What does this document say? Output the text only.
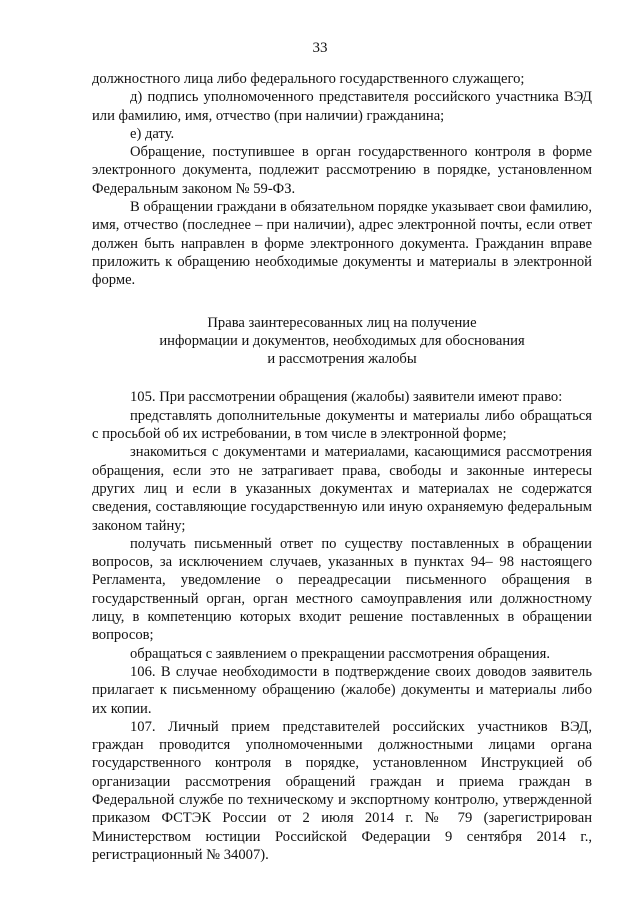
33

должностного лица либо федерального государственного служащего;

д) подпись уполномоченного представителя российского участника ВЭД или фамилию, имя, отчество (при наличии) гражданина;

е) дату.

Обращение, поступившее в орган государственного контроля в форме электронного документа, подлежит рассмотрению в порядке, установленном Федеральным законом № 59-ФЗ.

В обращении граждани в обязательном порядке указывает свои фамилию, имя, отчество (последнее – при наличии), адрес электронной почты, если ответ должен быть направлен в форме электронного документа. Гражданин вправе приложить к обращению необходимые документы и материалы в электронной форме.

Права заинтересованных лиц на получение
информации и документов, необходимых для обоснования
и рассмотрения жалобы

105. При рассмотрении обращения (жалобы) заявители имеют право:

представлять дополнительные документы и материалы либо обращаться с просьбой об их истребовании, в том числе в электронной форме;

знакомиться с документами и материалами, касающимися рассмотрения обращения, если это не затрагивает права, свободы и законные интересы других лиц и если в указанных документах и материалах не содержатся сведения, составляющие государственную или иную охраняемую федеральным законом тайну;

получать письменный ответ по существу поставленных в обращении вопросов, за исключением случаев, указанных в пунктах 94– 98 настоящего Регламента, уведомление о переадресации письменного обращения в государственный орган, орган местного самоуправления или должностному лицу, в компетенцию которых входит решение поставленных в обращении вопросов;

обращаться с заявлением о прекращении рассмотрения обращения.

106. В случае необходимости в подтверждение своих доводов заявитель прилагает к письменному обращению (жалобе) документы и материалы либо их копии.

107. Личный прием представителей российских участников ВЭД, граждан проводится уполномоченными должностными лицами органа государственного контроля в порядке, установленном Инструкцией об организации рассмотрения обращений граждан и приема граждан в Федеральной службе по техническому и экспортному контролю, утвержденной приказом ФСТЭК России от 2 июля 2014 г. № 79 (зарегистрирован Министерством юстиции Российской Федерации 9 сентября 2014 г., регистрационный № 34007).
